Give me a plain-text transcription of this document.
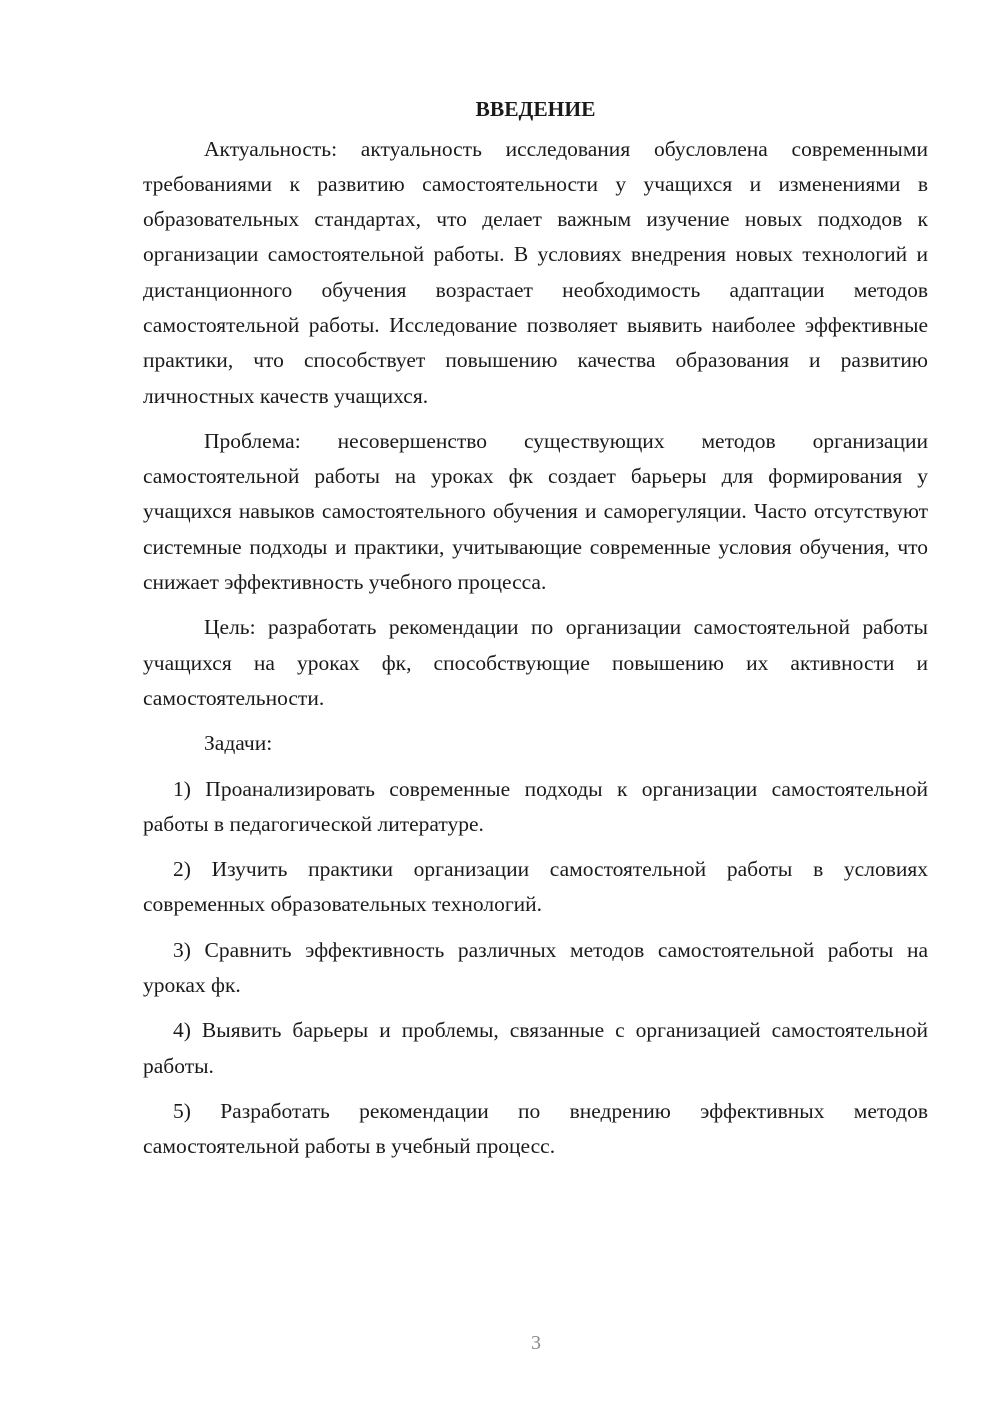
ВВЕДЕНИЕ

Актуальность: актуальность исследования обусловлена современными требованиями к развитию самостоятельности у учащихся и изменениями в образовательных стандартах, что делает важным изучение новых подходов к организации самостоятельной работы. В условиях внедрения новых технологий и дистанционного обучения возрастает необходимость адаптации методов самостоятельной работы. Исследование позволяет выявить наиболее эффективные практики, что способствует повышению качества образования и развитию личностных качеств учащихся.

Проблема: несовершенство существующих методов организации самостоятельной работы на уроках фк создает барьеры для формирования у учащихся навыков самостоятельного обучения и саморегуляции. Часто отсутствуют системные подходы и практики, учитывающие современные условия обучения, что снижает эффективность учебного процесса.

Цель: разработать рекомендации по организации самостоятельной работы учащихся на уроках фк, способствующие повышению их активности и самостоятельности.

Задачи:

1) Проанализировать современные подходы к организации самостоятельной работы в педагогической литературе.

2) Изучить практики организации самостоятельной работы в условиях современных образовательных технологий.

3) Сравнить эффективность различных методов самостоятельной работы на уроках фк.

4) Выявить барьеры и проблемы, связанные с организацией самостоятельной работы.

5) Разработать рекомендации по внедрению эффективных методов самостоятельной работы в учебный процесс.

3
